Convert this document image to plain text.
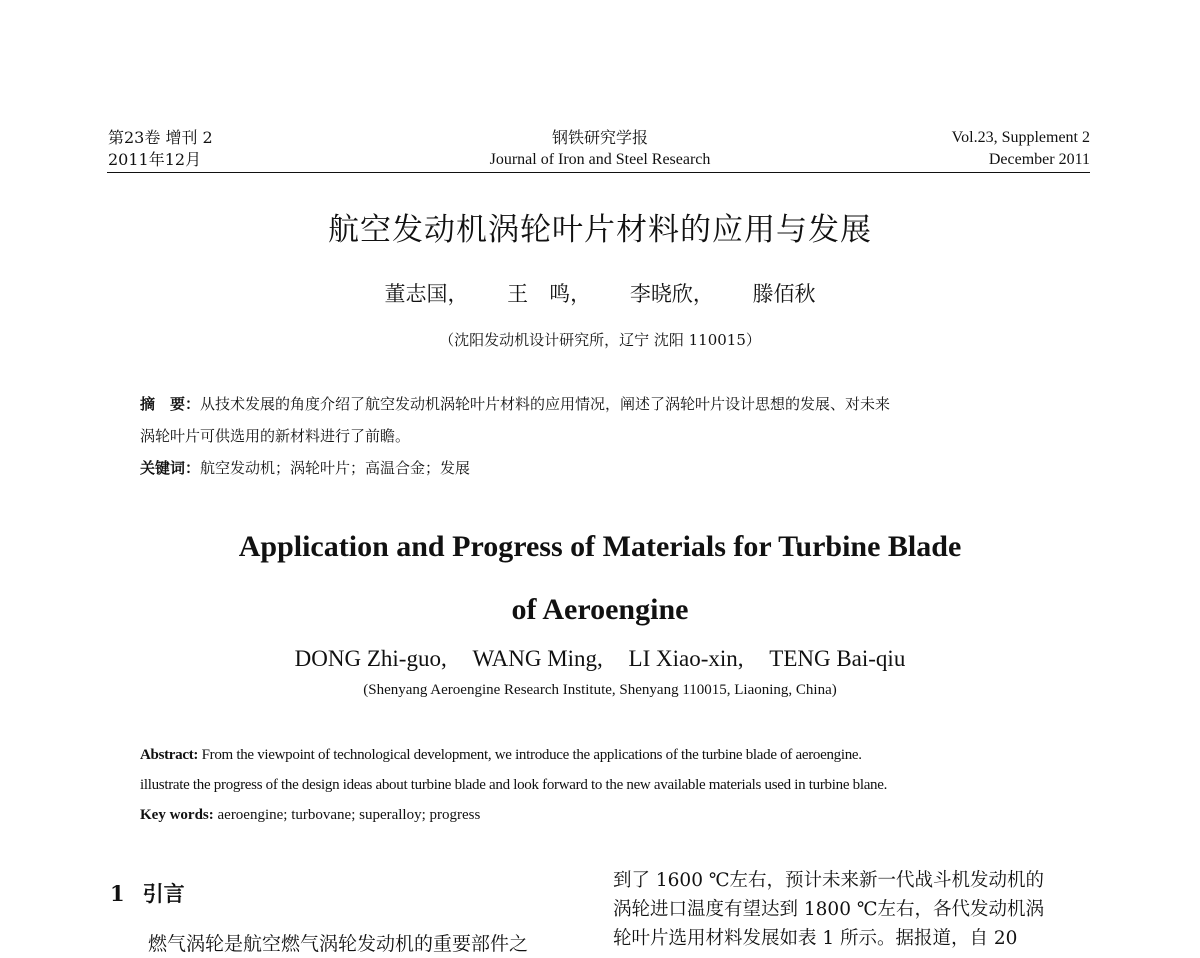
第23卷 增刊 2
2011年12月
钢铁研究学报
Journal of Iron and Steel Research
Vol.23, Supplement 2
December 2011
航空发动机涡轮叶片材料的应用与发展
董志国， 王　鸣， 李晓欣， 滕佰秋
（沈阳发动机设计研究所，辽宁 沈阳 110015）
摘　要：从技术发展的角度介绍了航空发动机涡轮叶片材料的应用情况，阐述了涡轮叶片设计思想的发展、对未来
涡轮叶片可供选用的新材料进行了前瞻。
关键词：航空发动机；涡轮叶片；高温合金；发展
Application and Progress of Materials for Turbine Blade
of Aeroengine
DONG Zhi-guo, WANG Ming, LI Xiao-xin, TENG Bai-qiu
(Shenyang Aeroengine Research Institute, Shenyang 110015, Liaoning, China)
Abstract: From the viewpoint of technological development, we introduce the applications of the turbine blade of aeroengine.
illustrate the progress of the design ideas about turbine blade and look forward to the new available materials used in turbine blane.
Key words: aeroengine; turbovane; superalloy; progress
1 引言
燃气涡轮是航空燃气涡轮发动机的重要部件之
到了 1600 ℃左右，预计未来新一代战斗机发动机的
涡轮进口温度有望达到 1800 ℃左右，各代发动机涡
轮叶片选用材料发展如表 1 所示。据报道，自 20
